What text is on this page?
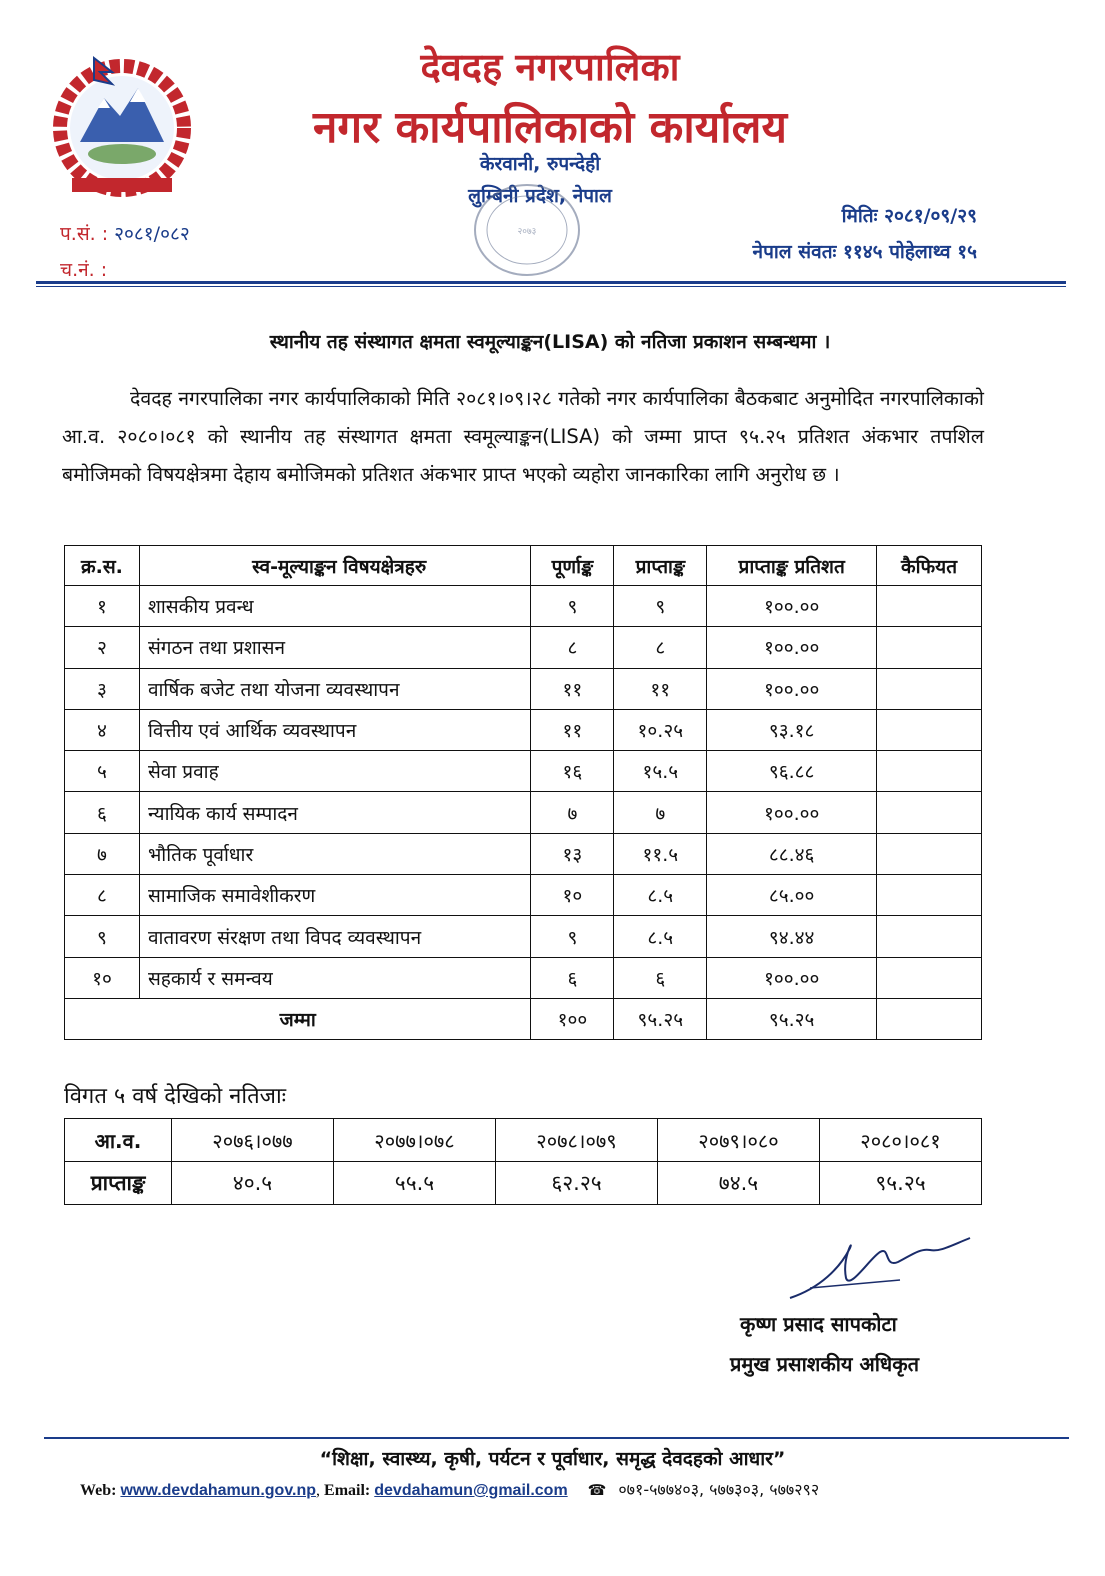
देवदह नगरपालिका
नगर कार्यपालिकाको कार्यालय
केरवानी, रुपन्देही
लुम्बिनी प्रदेश, नेपाल
२०७३
प.सं. : २०८१/०८२
च.नं. :
मितिः २०८१/०९/२९
नेपाल संवतः ११४५ पोहेलाथ्व १५
स्थानीय तह संस्थागत क्षमता स्वमूल्याङ्कन(LISA) को नतिजा प्रकाशन सम्बन्धमा ।

देवदह नगरपालिका नगर कार्यपालिकाको मिति २०८१।०९।२८ गतेको नगर कार्यपालिका बैठकबाट अनुमोदित नगरपालिकाको आ.व. २०८०।०८१ को स्थानीय तह संस्थागत क्षमता स्वमूल्याङ्कन(LISA) को जम्मा प्राप्त ९५.२५ प्रतिशत अंकभार तपशिल बमोजिमको विषयक्षेत्रमा देहाय बमोजिमको प्रतिशत अंकभार प्राप्त भएको व्यहोरा जानकारिका लागि अनुरोध छ ।

क्र.स.	स्व-मूल्याङ्कन विषयक्षेत्रहरु	पूर्णाङ्क	प्राप्ताङ्क	प्राप्ताङ्क प्रतिशत	कैफियत
१	शासकीय प्रवन्ध	९	९	१००.००	
२	संगठन तथा प्रशासन	८	८	१००.००	
३	वार्षिक बजेट तथा योजना व्यवस्थापन	११	११	१००.००	
४	वित्तीय एवं आर्थिक व्यवस्थापन	११	१०.२५	९३.१८	
५	सेवा प्रवाह	१६	१५.५	९६.८८	
६	न्यायिक कार्य सम्पादन	७	७	१००.००	
७	भौतिक पूर्वाधार	१३	११.५	८८.४६	
८	सामाजिक समावेशीकरण	१०	८.५	८५.००	
९	वातावरण संरक्षण तथा विपद व्यवस्थापन	९	८.५	९४.४४	
१०	सहकार्य र समन्वय	६	६	१००.००	
जम्मा		१००	९५.२५	९५.२५	
विगत ५ वर्ष देखिको नतिजाः
आ.व.	२०७६।०७७	२०७७।०७८	२०७८।०७९	२०७९।०८०	२०८०।०८१
प्राप्ताङ्क	४०.५	५५.५	६२.२५	७४.५	९५.२५
कृष्ण प्रसाद सापकोटा
प्रमुख प्रसाशकीय अधिकृत
“शिक्षा, स्वास्थ्य, कृषी, पर्यटन र पूर्वाधार, समृद्ध देवदहको आधार”
Web: www.devdahamun.gov.np, Email: devdahamun@gmail.com ☎ ०७१-५७७४०३, ५७७३०३, ५७७२९२
